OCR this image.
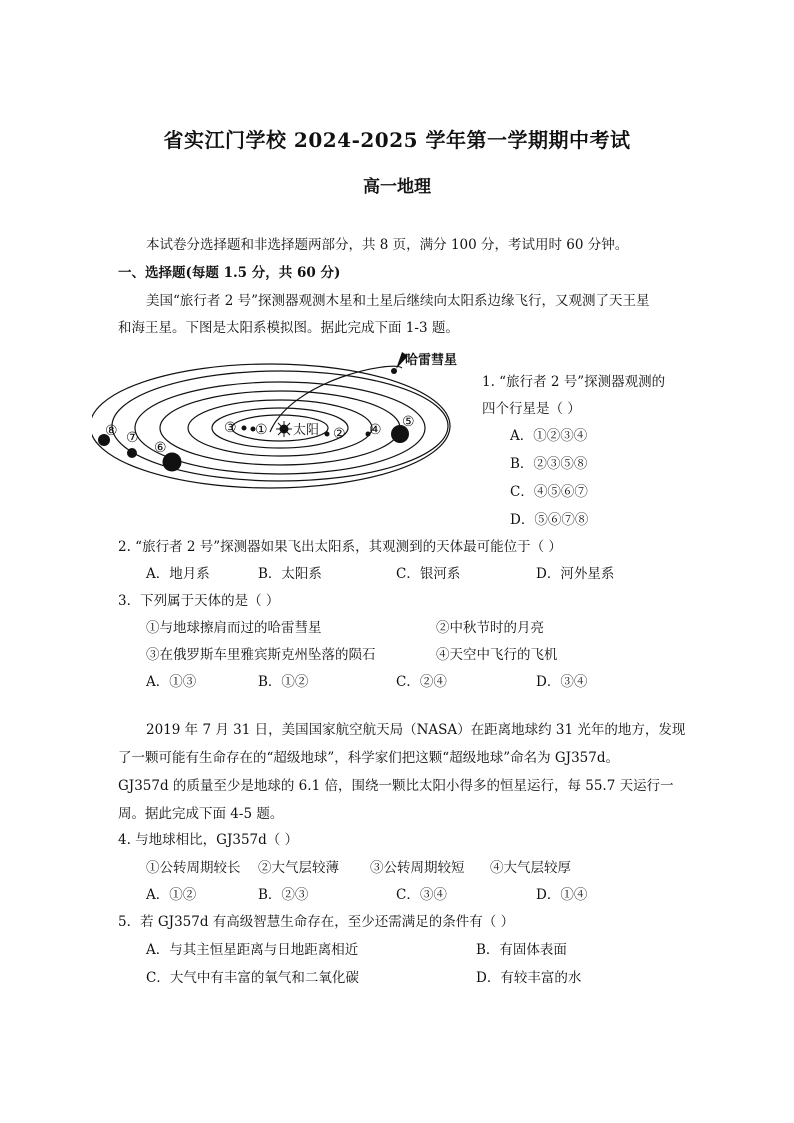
省实江门学校 2024-2025 学年第一学期期中考试
高一地理
本试卷分选择题和非选择题两部分，共 8 页，满分 100 分，考试用时 60 分钟。
一、选择题(每题 1.5 分，共 60 分)
美国“旅行者 2 号”探测器观测木星和土星后继续向太阳系边缘飞行，又观测了天王星
和海王星。下图是太阳系模拟图。据此完成下面 1-3 题。
太阳
哈雷彗星
①	②
③	④ ⑤
⑥
⑦
⑧
1. “旅行者 2 号”探测器观测的
四个行星是（ ）
A．①②③④
B．②③⑤⑧
C．④⑤⑥⑦
D．⑤⑥⑦⑧
2. “旅行者 2 号”探测器如果飞出太阳系，其观测到的天体最可能位于（ ）
A．地月系	B．太阳系	C．银河系	D．河外星系
3．下列属于天体的是（ ）
①与地球擦肩而过的哈雷彗星	②中秋节时的月亮
③在俄罗斯车里雅宾斯克州坠落的陨石	④天空中飞行的飞机
A．①③	B．①②	C．②④	D．③④
2019 年 7 月 31 日，美国国家航空航天局（NASA）在距离地球约 31 光年的地方，发现
了一颗可能有生命存在的“超级地球”，科学家们把这颗“超级地球”命名为 GJ357d。
GJ357d 的质量至少是地球的 6.1 倍，围绕一颗比太阳小得多的恒星运行，每 55.7 天运行一
周。据此完成下面 4-5 题。
4. 与地球相比，GJ357d（ ）
①公转周期较长 ②大气层较薄 ③公转周期较短 ④大气层较厚
A．①②	B．②③	C．③④	D．①④
5．若 GJ357d 有高级智慧生命存在，至少还需满足的条件有（ ）
A．与其主恒星距离与日地距离相近	B．有固体表面
C．大气中有丰富的氧气和二氧化碳	D．有较丰富的水
